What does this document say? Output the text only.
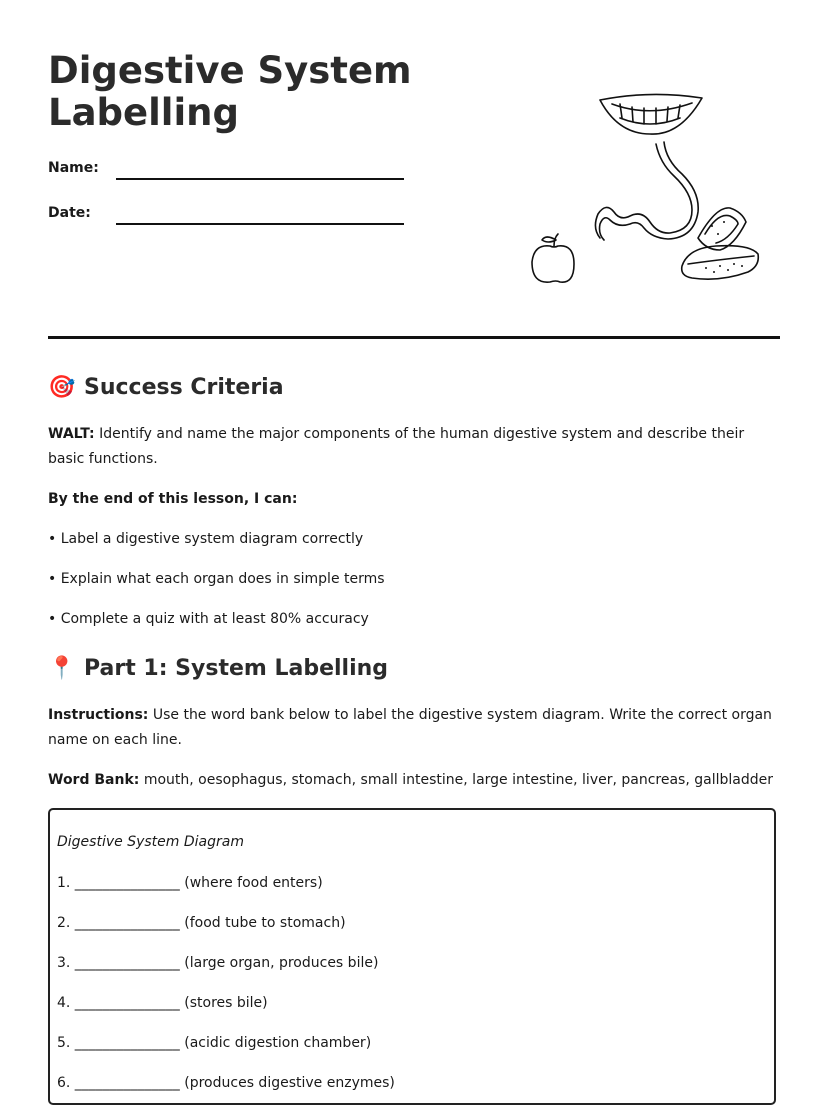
Digestive System Labelling
Name:
Date:
🎯 Success Criteria

WALT: Identify and name the major components of the human digestive system and describe their basic functions.

By the end of this lesson, I can:

• Label a digestive system diagram correctly

• Explain what each organ does in simple terms

• Complete a quiz with at least 80% accuracy

📍 Part 1: System Labelling

Instructions: Use the word bank below to label the digestive system diagram. Write the correct organ name on each line.

Word Bank: mouth, oesophagus, stomach, small intestine, large intestine, liver, pancreas, gallbladder

Digestive System Diagram
1. _______________ (where food enters)
2. _______________ (food tube to stomach)
3. _______________ (large organ, produces bile)
4. _______________ (stores bile)
5. _______________ (acidic digestion chamber)
6. _______________ (produces digestive enzymes)
